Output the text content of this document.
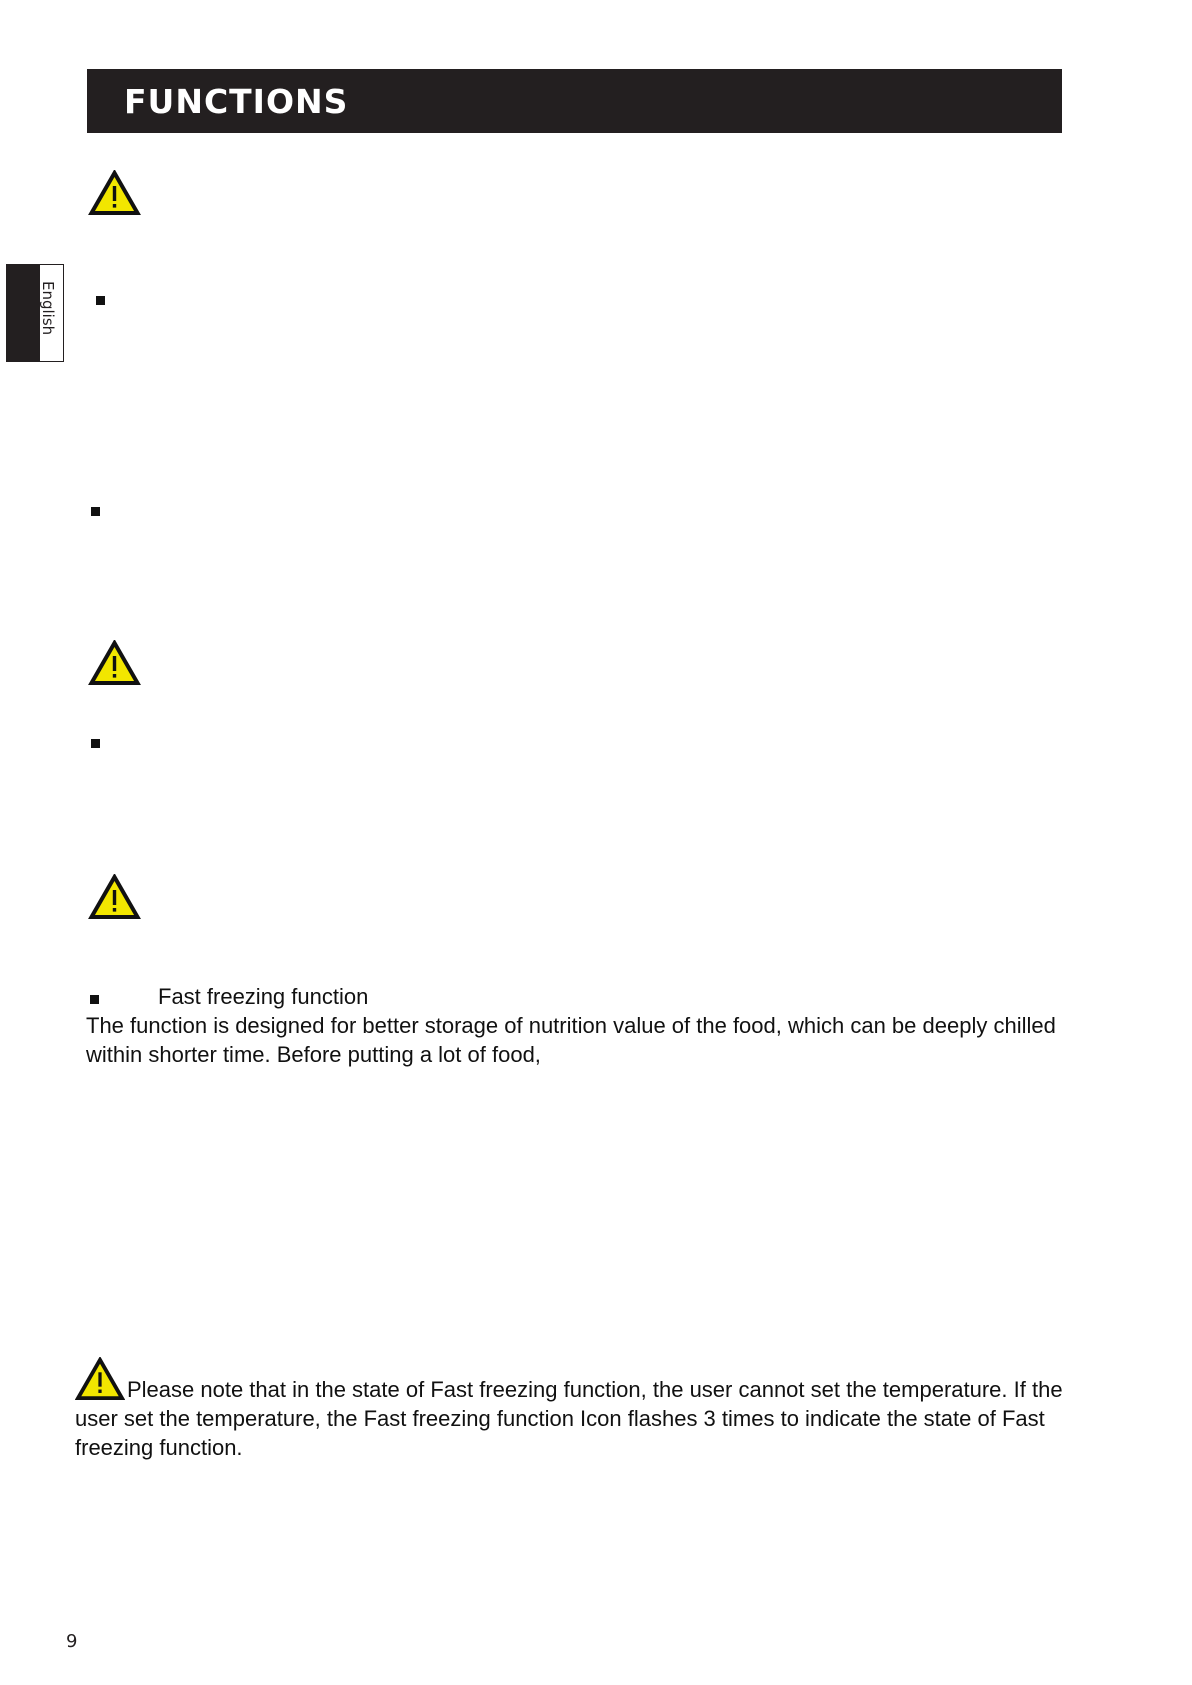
FUNCTIONS
English
Fast freezing function
The function is designed for better storage of nutrition value of the food, which can be deeply chilled within shorter time. Before putting a lot of food,
Please note that in the state of Fast freezing function, the user cannot set the temperature. If the user set the temperature, the Fast freezing function Icon flashes 3 times to indicate the state of Fast freezing function.
9
